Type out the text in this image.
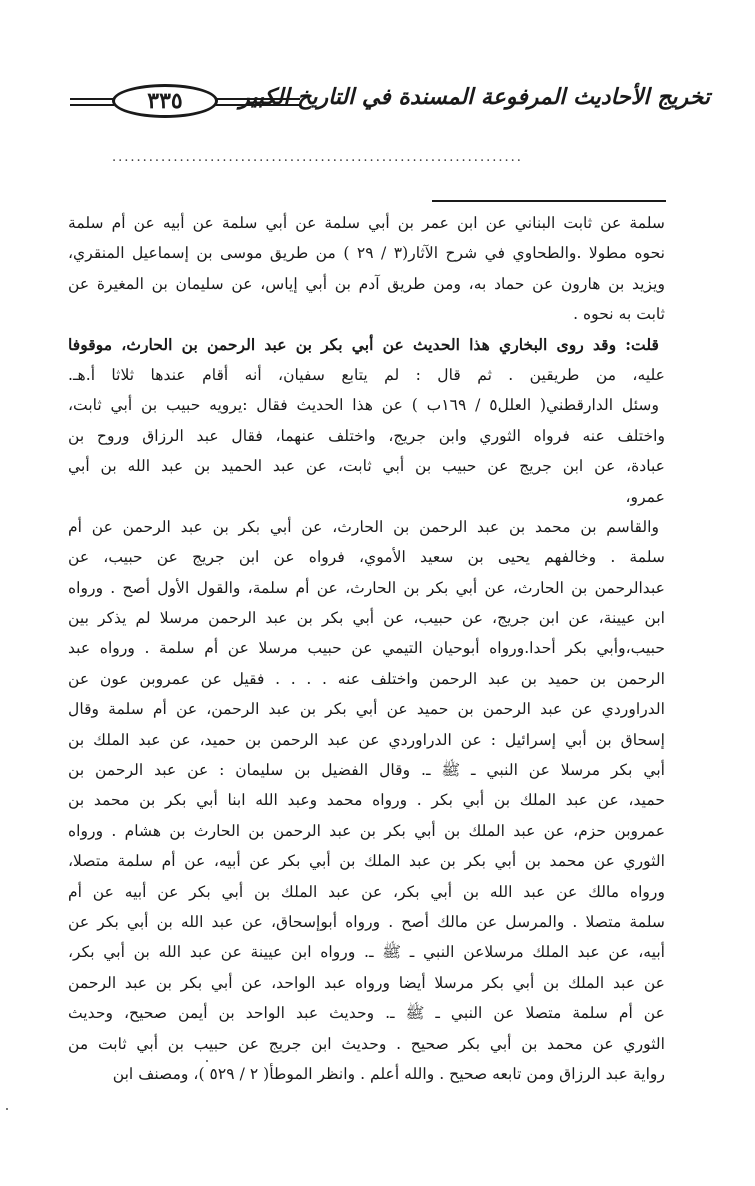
٣٣٥	تخريج الأحاديث المرفوعة المسندة في التاريخ الكبير
...................................................................
سلمة عن ثابت البناني عن ابن عمر بن أبي سلمة عن أبي سلمة عن أبيه عن أم سلمة
نحوه مطولا .والطحاوي في شرح الآثار(٣ / ٢٩ ) من طريق موسى بن إسماعيل المنقري،
ويزيد بن هارون عن حماد به، ومن طريق آدم بن أبي إياس، عن سليمان بن المغيرة عن
ثابت به نحوه .
قلت: وقد روى البخاري هذا الحديث عن أبي بكر بن عبد الرحمن بن الحارث، موقوفا
عليه، من طريقين . ثم قال : لم يتابع سفيان، أنه أقام عندها ثلاثا أ.هـ.
وسئل الدارقطني( العلل٥ / ١٦٩ب ) عن هذا الحديث فقال :يرويه حبيب بن أبي ثابت،
واختلف عنه فرواه الثوري وابن جريج، واختلف عنهما، فقال عبد الرزاق وروح بن
عبادة، عن ابن جريج عن حبيب بن أبي ثابت، عن عبد الحميد بن عبد الله بن أبي
عمرو،
والقاسم بن محمد بن عبد الرحمن بن الحارث، عن أبي بكر بن عبد الرحمن عن أم
سلمة . وخالفهم يحيى بن سعيد الأموي، فرواه عن ابن جريج عن حبيب، عن
عبدالرحمن بن الحارث، عن أبي بكر بن الحارث، عن أم سلمة، والقول الأول أصح . ورواه
ابن عيينة، عن ابن جريج، عن حبيب، عن أبي بكر بن عبد الرحمن مرسلا لم يذكر بين
حبيب،وأبي بكر أحدا.ورواه أبوحيان التيمي عن حبيب مرسلا عن أم سلمة . ورواه عبد
الرحمن بن حميد بن عبد الرحمن واختلف عنه . . . . فقيل عن عمروبن عون عن
الدراوردي عن عبد الرحمن بن حميد عن أبي بكر بن عبد الرحمن، عن أم سلمة وقال
إسحاق بن أبي إسرائيل : عن الدراوردي عن عبد الرحمن بن حميد، عن عبد الملك بن
أبي بكر مرسلا عن النبي ـ ﷺ ـ. وقال الفضيل بن سليمان : عن عبد الرحمن بن
حميد، عن عبد الملك بن أبي بكر . ورواه محمد وعبد الله ابنا أبي بكر بن محمد بن
عمروبن حزم، عن عبد الملك بن أبي بكر بن عبد الرحمن بن الحارث بن هشام . ورواه
الثوري عن محمد بن أبي بكر بن عبد الملك بن أبي بكر عن أبيه، عن أم سلمة متصلا،
ورواه مالك عن عبد الله بن أبي بكر، عن عبد الملك بن أبي بكر عن أبيه عن أم
سلمة متصلا . والمرسل عن مالك أصح . ورواه أبوإسحاق، عن عبد الله بن أبي بكر عن
أبيه، عن عبد الملك مرسلاعن النبي ـ ﷺ ـ. ورواه ابن عيينة عن عبد الله بن أبي بكر،
عن عبد الملك بن أبي بكر مرسلا أيضا ورواه عبد الواحد، عن أبي بكر بن عبد الرحمن
عن أم سلمة متصلا عن النبي ـ ﷺ ـ. وحديث عبد الواحد بن أيمن صحيح، وحديث
الثوري عن محمد بن أبي بكر صحيح . وحديث ابن جريج عن حبيب بن أبي ثابت من
رواية عبد الرزاق ومن تابعه صحيح . والله أعلم . وانظر الموطأ( ٢ / ٥٢٩ )، ومصنف ابن
